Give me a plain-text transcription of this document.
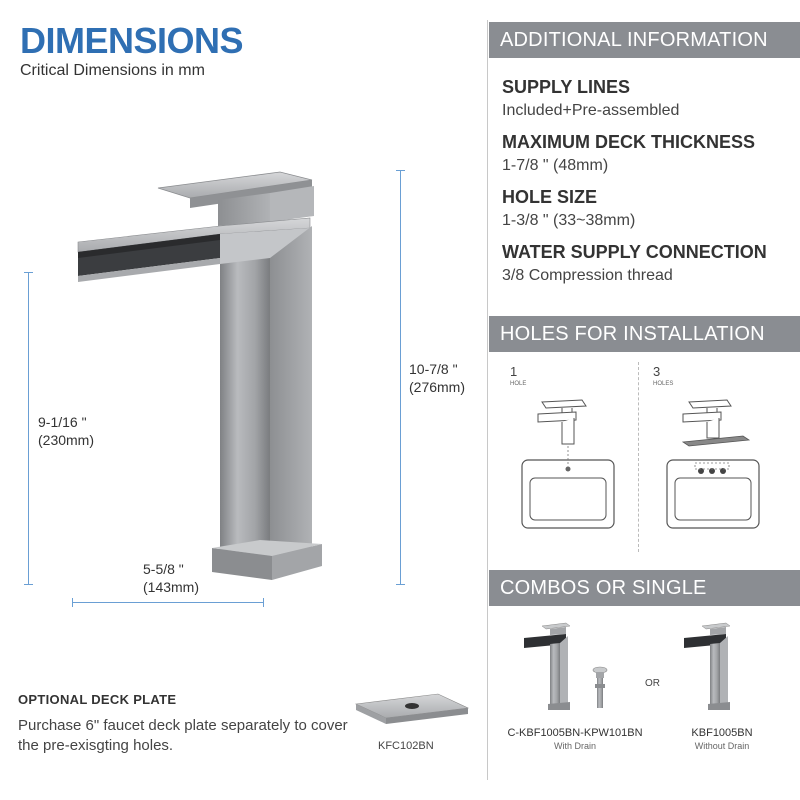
DIMENSIONS
Critical Dimensions in mm
9-1/16 "
(230mm)
10-7/8 "
(276mm)
5-5/8 "
(143mm)
ADDITIONAL INFORMATION
SUPPLY LINES
Included+Pre-assembled
MAXIMUM DECK THICKNESS
1-7/8 " (48mm)
HOLE SIZE
1-3/8 " (33~38mm)
WATER SUPPLY CONNECTION
3/8 Compression thread
HOLES FOR INSTALLATION
1
HOLE
3
HOLES
COMBOS OR SINGLE
OR
C-KBF1005BN-KPW101BN
With Drain
KBF1005BN
Without Drain
OPTIONAL DECK PLATE
Purchase 6" faucet deck plate separately to cover the pre-exisgting holes.	KFC102BN
